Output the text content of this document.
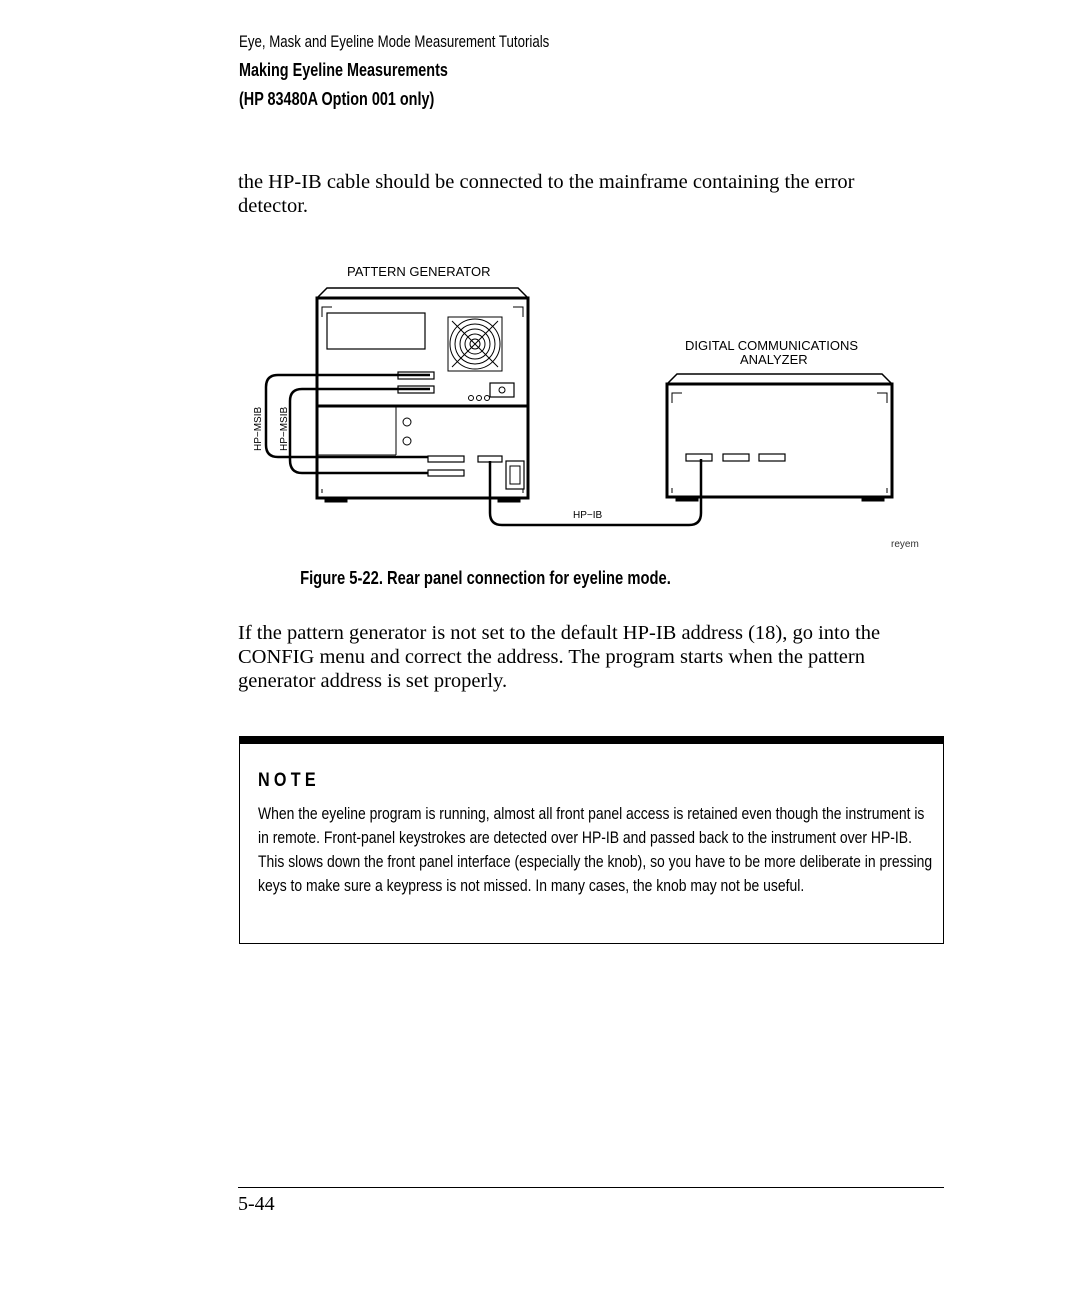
Eye, Mask and Eyeline Mode Measurement Tutorials
Making Eyeline Measurements
(HP 83480A Option 001 only)
the HP-IB cable should be connected to the mainframe containing the error detector.
PATTERN GENERATOR
DIGITAL COMMUNICATIONS
ANALYZER
HP−MSIB HP−MSIB
HP−IB
reyem
Figure 5-22. Rear panel connection for eyeline mode.
If the pattern generator is not set to the default HP-IB address (18), go into the CONFIG menu and correct the address. The program starts when the pattern generator address is set properly.
NOTE
When the eyeline program is running, almost all front panel access is retained even though the instrument is in remote. Front-panel keystrokes are detected over HP-IB and passed back to the instrument over HP-IB. This slows down the front panel interface (especially the knob), so you have to be more deliberate in pressing keys to make sure a keypress is not missed. In many cases, the knob may not be useful.
5-44
